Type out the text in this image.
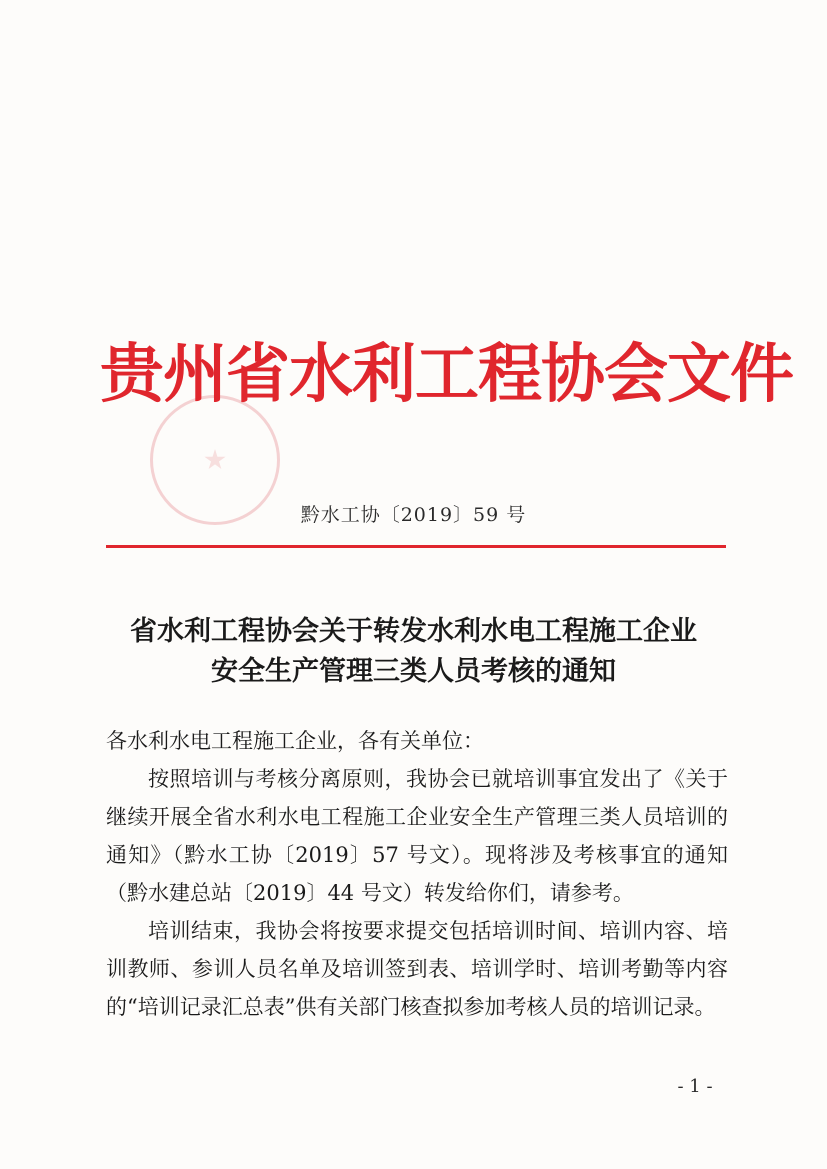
贵州省水利工程协会文件
黔水工协〔2019〕59 号
省水利工程协会关于转发水利水电工程施工企业
安全生产管理三类人员考核的通知

各水利水电工程施工企业，各有关单位：

按照培训与考核分离原则，我协会已就培训事宜发出了《关于继续开展全省水利水电工程施工企业安全生产管理三类人员培训的通知》（黔水工协〔2019〕57 号文）。现将涉及考核事宜的通知（黔水建总站〔2019〕44 号文）转发给你们，请参考。

培训结束，我协会将按要求提交包括培训时间、培训内容、培训教师、参训人员名单及培训签到表、培训学时、培训考勤等内容的“培训记录汇总表”供有关部门核查拟参加考核人员的培训记录。

- 1 -
